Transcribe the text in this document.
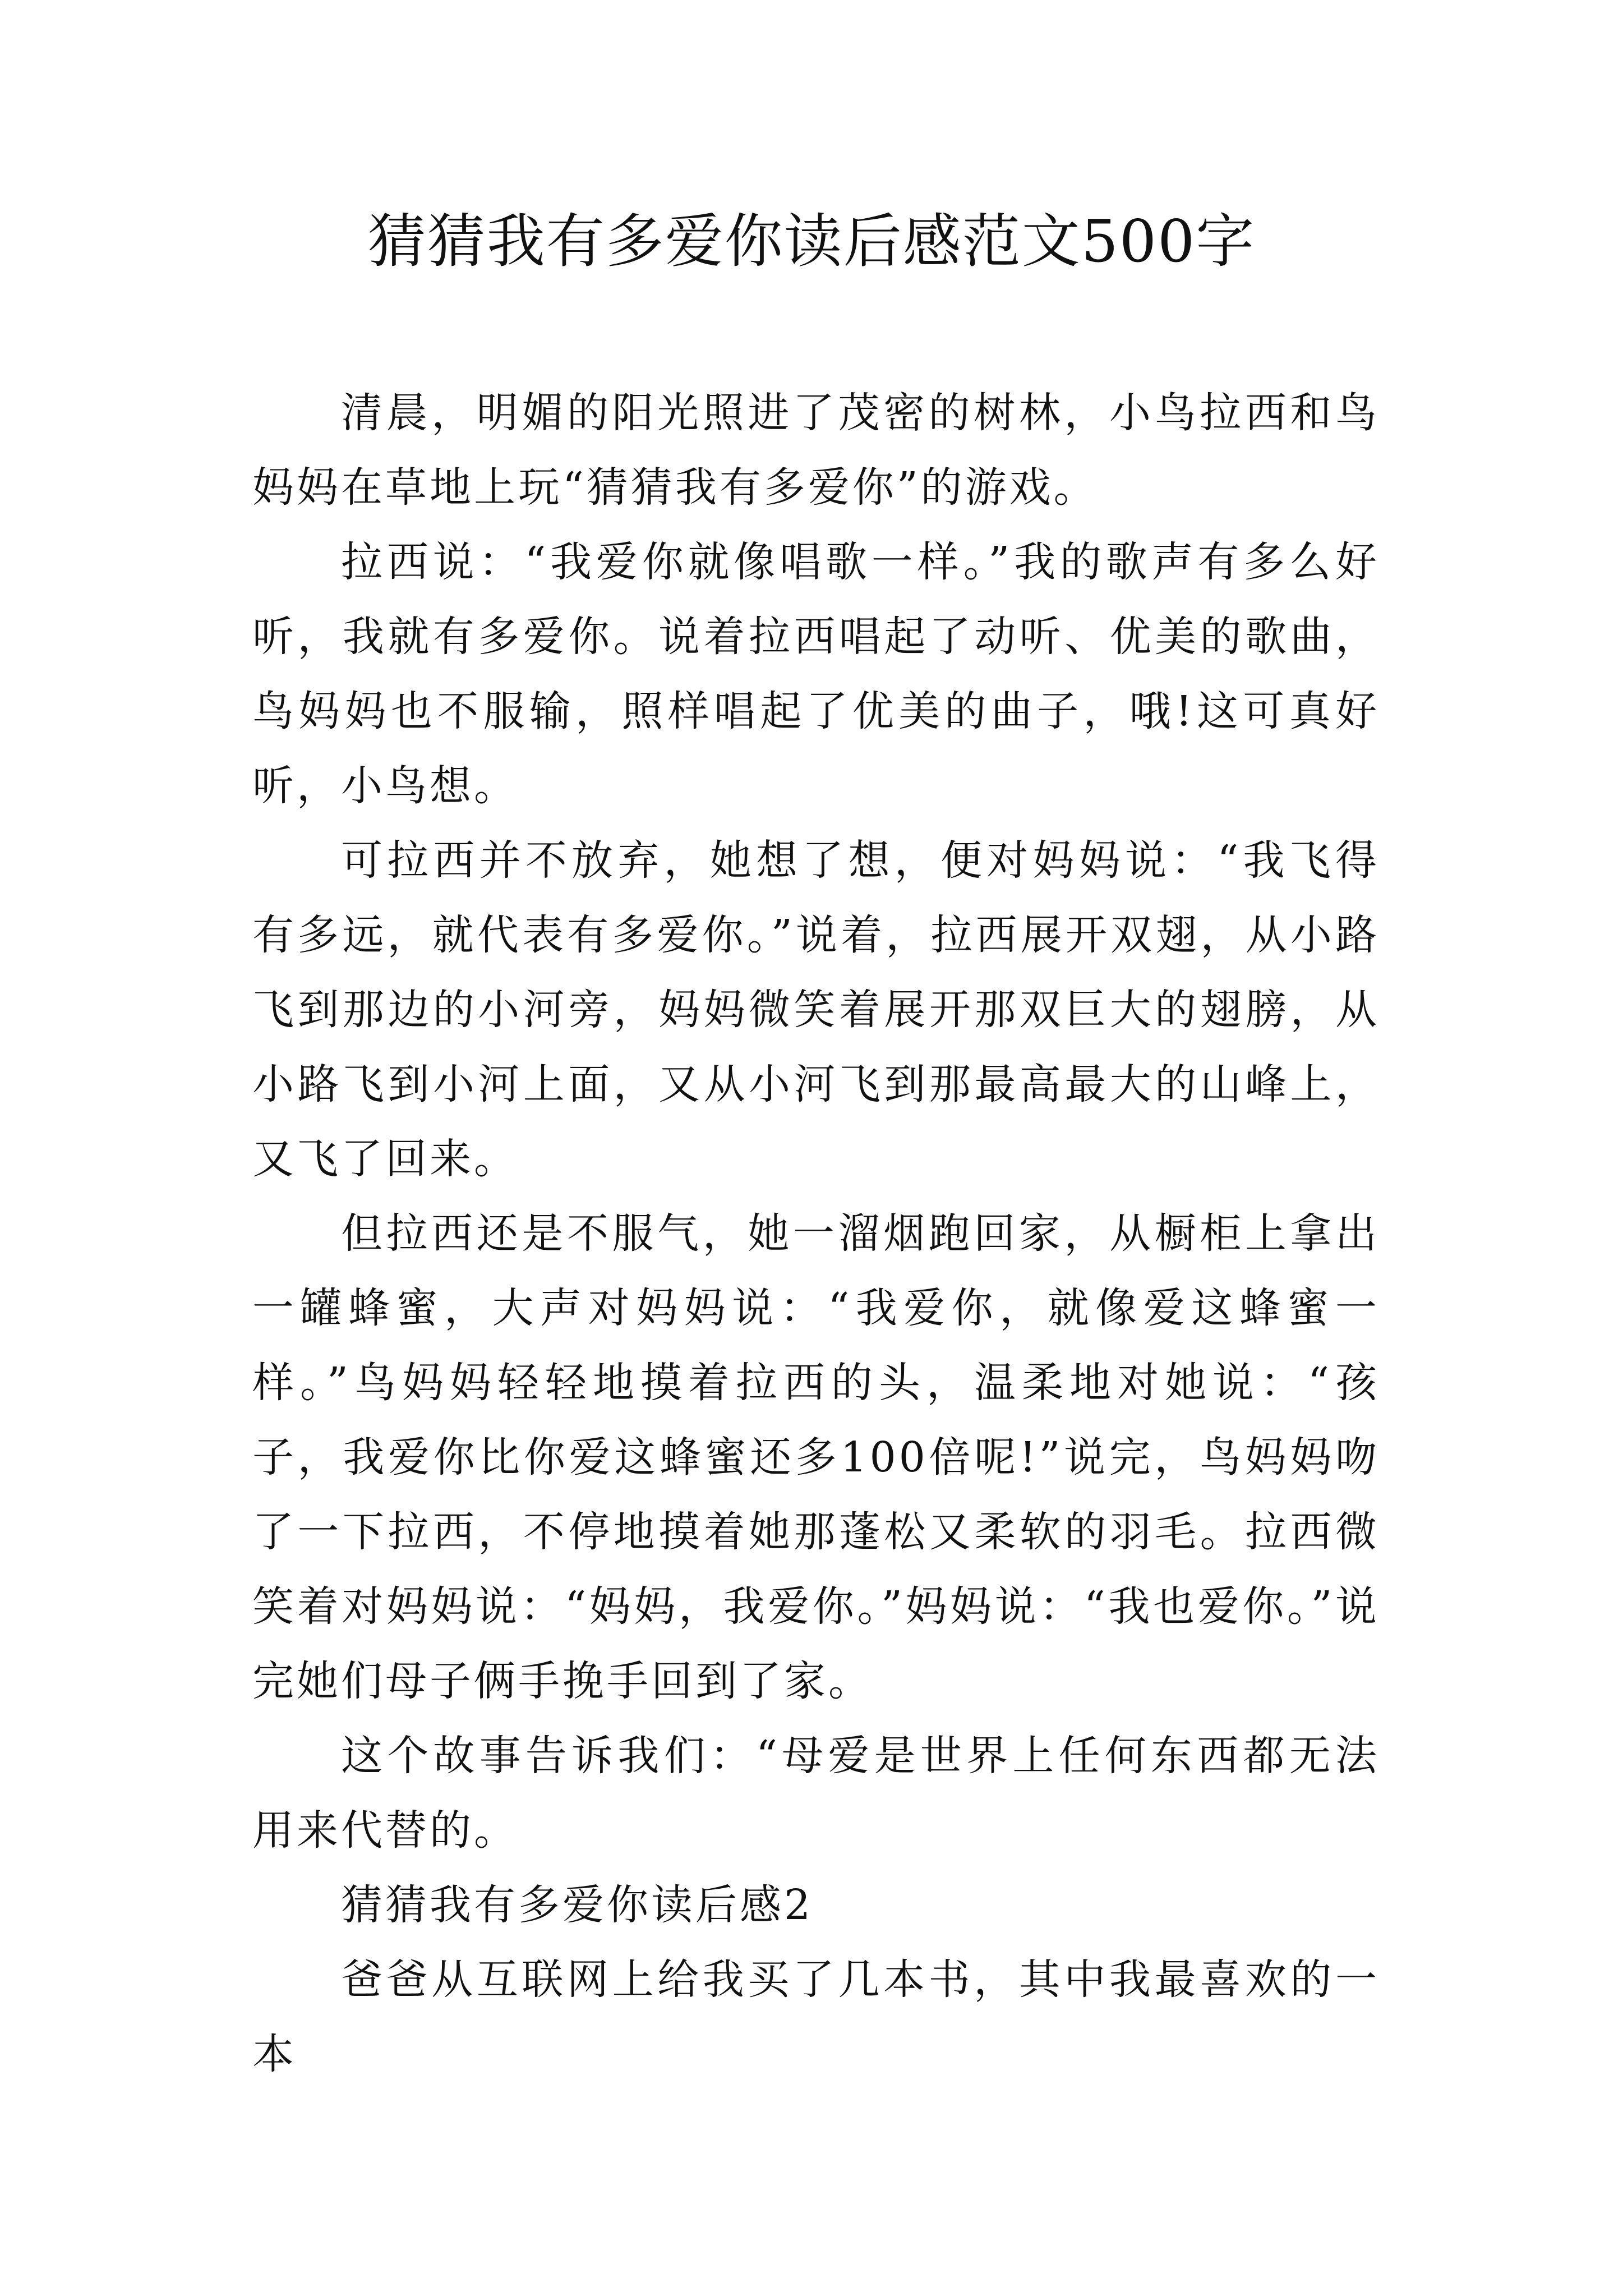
猜猜我有多爱你读后感范文500字

清晨，明媚的阳光照进了茂密的树林，小鸟拉西和鸟妈妈在草地上玩“猜猜我有多爱你”的游戏。

拉西说：“我爱你就像唱歌一样。”我的歌声有多么好听，我就有多爱你。说着拉西唱起了动听、优美的歌曲，鸟妈妈也不服输，照样唱起了优美的曲子，哦!这可真好听，小鸟想。

可拉西并不放弃，她想了想，便对妈妈说：“我飞得有多远，就代表有多爱你。”说着，拉西展开双翅，从小路飞到那边的小河旁，妈妈微笑着展开那双巨大的翅膀，从小路飞到小河上面，又从小河飞到那最高最大的山峰上，又飞了回来。

但拉西还是不服气，她一溜烟跑回家，从橱柜上拿出一罐蜂蜜，大声对妈妈说：“我爱你，就像爱这蜂蜜一样。”鸟妈妈轻轻地摸着拉西的头，温柔地对她说：“孩子，我爱你比你爱这蜂蜜还多100倍呢!”说完，鸟妈妈吻了一下拉西，不停地摸着她那蓬松又柔软的羽毛。拉西微笑着对妈妈说：“妈妈，我爱你。”妈妈说：“我也爱你。”说完她们母子俩手挽手回到了家。

这个故事告诉我们：“母爱是世界上任何东西都无法用来代替的。

猜猜我有多爱你读后感2

爸爸从互联网上给我买了几本书，其中我最喜欢的一本
